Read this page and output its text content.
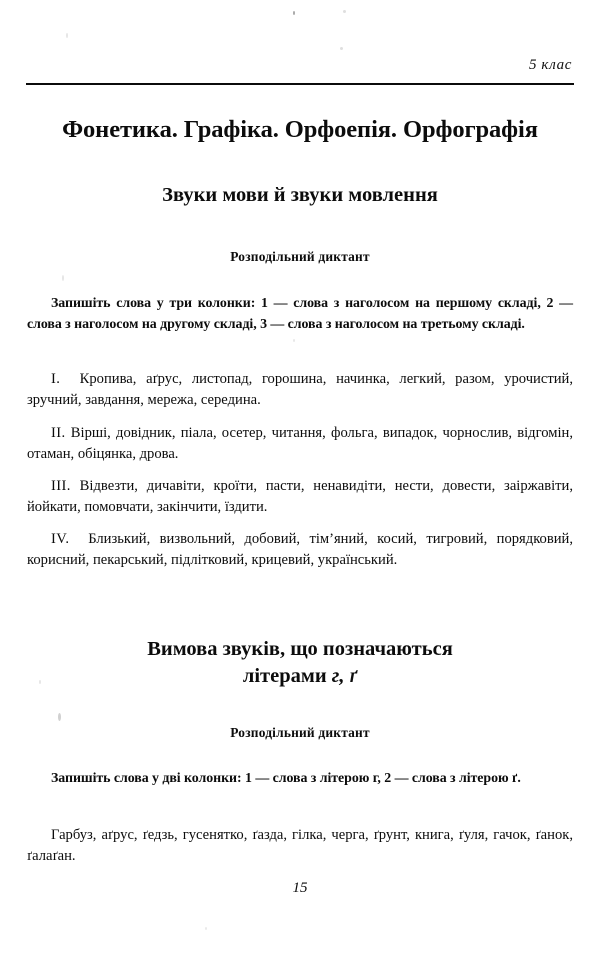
5 клас
Фонетика. Графіка. Орфоепія. Орфографія
Звуки мови й звуки мовлення
Розподільний диктант

Запишіть слова у три колонки: 1 — слова з наголосом на першому складі, 2 — слова з наголосом на другому складі, 3 — слова з наголосом на третьому складі.

I. Кропива, аґрус, листопад, горошина, начинка, легкий, разом, урочистий, зручний, завдання, мережа, середина.

II. Вірші, довідник, піала, осетер, читання, фольга, випадок, чорнослив, відгомін, отаман, обіцянка, дрова.

III. Відвезти, дичавіти, кроїти, пасти, ненавидіти, нести, довести, заіржавіти, йойкати, помовчати, закінчити, їздити.

IV. Близький, визвольний, добовий, тім’яний, косий, тигровий, порядковий, корисний, пекарський, підлітковий, крицевий, український.

Вимова звуків, що позначаються
літерами г, ґ
Розподільний диктант

Запишіть слова у дві колонки: 1 — слова з літерою г, 2 — слова з літерою ґ.

Гарбуз, аґрус, ґедзь, гусенятко, ґазда, гілка, черга, ґрунт, книга, ґуля, гачок, ґанок, ґалаґан.

15
